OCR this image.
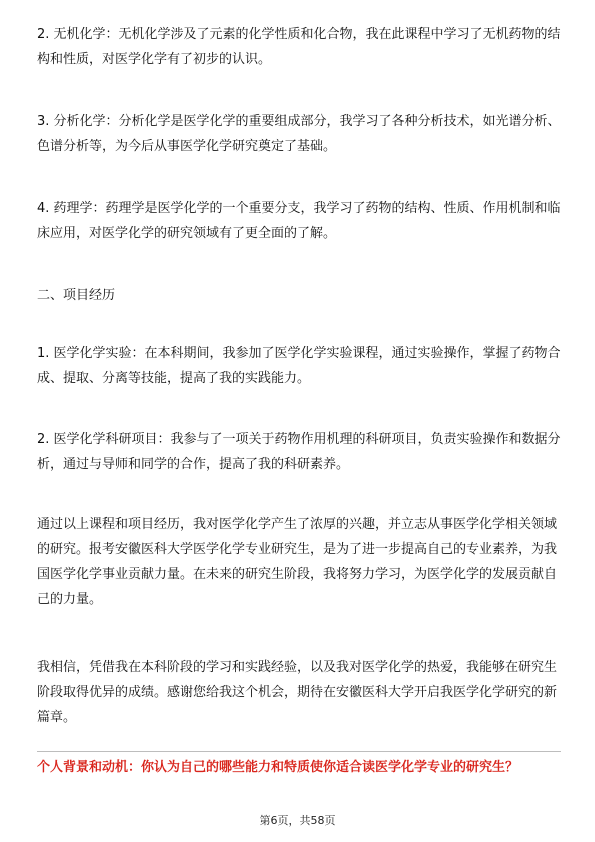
2. 无机化学：无机化学涉及了元素的化学性质和化合物，我在此课程中学习了无机药物的结构和性质，对医学化学有了初步的认识。

3. 分析化学：分析化学是医学化学的重要组成部分，我学习了各种分析技术，如光谱分析、色谱分析等，为今后从事医学化学研究奠定了基础。

4. 药理学：药理学是医学化学的一个重要分支，我学习了药物的结构、性质、作用机制和临床应用，对医学化学的研究领域有了更全面的了解。

二、项目经历

1. 医学化学实验：在本科期间，我参加了医学化学实验课程，通过实验操作，掌握了药物合成、提取、分离等技能，提高了我的实践能力。

2. 医学化学科研项目：我参与了一项关于药物作用机理的科研项目，负责实验操作和数据分析，通过与导师和同学的合作，提高了我的科研素养。

通过以上课程和项目经历，我对医学化学产生了浓厚的兴趣，并立志从事医学化学相关领域的研究。报考安徽医科大学医学化学专业研究生，是为了进一步提高自己的专业素养，为我国医学化学事业贡献力量。在未来的研究生阶段，我将努力学习，为医学化学的发展贡献自己的力量。

我相信，凭借我在本科阶段的学习和实践经验，以及我对医学化学的热爱，我能够在研究生阶段取得优异的成绩。感谢您给我这个机会，期待在安徽医科大学开启我医学化学研究的新篇章。

个人背景和动机：你认为自己的哪些能力和特质使你适合读医学化学专业的研究生？

第6页，共58页
